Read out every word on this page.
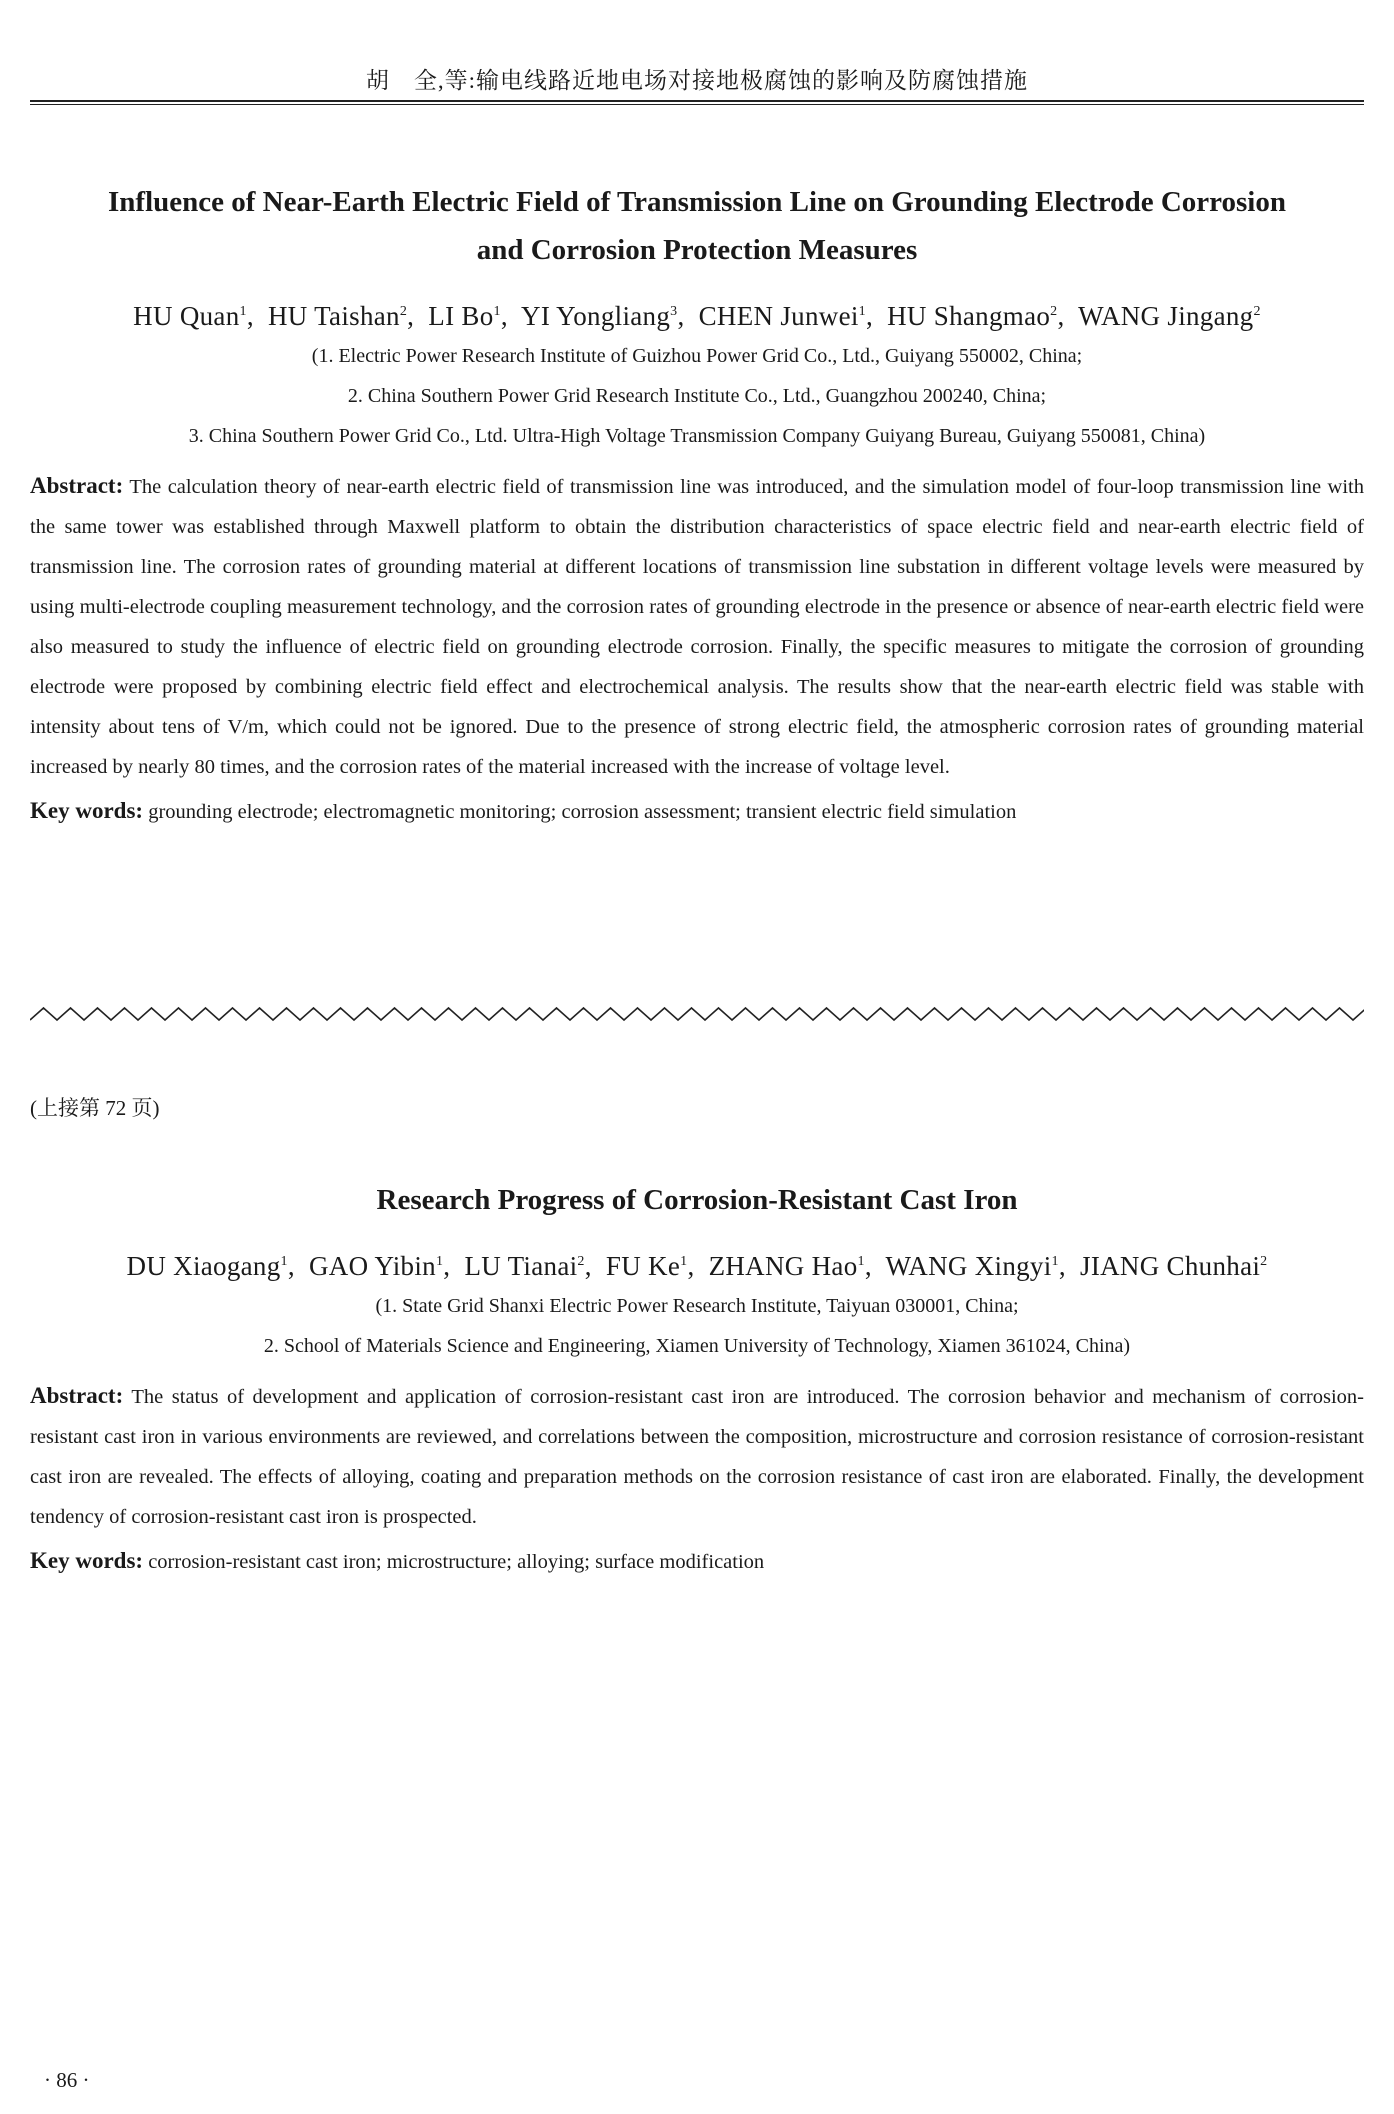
胡　全,等:输电线路近地电场对接地极腐蚀的影响及防腐蚀措施
Influence of Near-Earth Electric Field of Transmission Line on Grounding Electrode Corrosion
and Corrosion Protection Measures
HU Quan$^1$,  HU Taishan$^2$,  LI Bo$^1$,  YI Yongliang$^3$,  CHEN Junwei$^1$,  HU Shangmao$^2$,  WANG Jingang$^2$
(1. Electric Power Research Institute of Guizhou Power Grid Co., Ltd., Guiyang 550002, China;
2. China Southern Power Grid Research Institute Co., Ltd., Guangzhou 200240, China;
3. China Southern Power Grid Co., Ltd. Ultra-High Voltage Transmission Company Guiyang Bureau, Guiyang 550081, China)
Abstract: The calculation theory of near-earth electric field of transmission line was introduced, and the simulation model of four-loop transmission line with the same tower was established through Maxwell platform to obtain the distribution characteristics of space electric field and near-earth electric field of transmission line. The corrosion rates of grounding material at different locations of transmission line substation in different voltage levels were measured by using multi-electrode coupling measurement technology, and the corrosion rates of grounding electrode in the presence or absence of near-earth electric field were also measured to study the influence of electric field on grounding electrode corrosion. Finally, the specific measures to mitigate the corrosion of grounding electrode were proposed by combining electric field effect and electrochemical analysis. The results show that the near-earth electric field was stable with intensity about tens of V/m, which could not be ignored. Due to the presence of strong electric field, the atmospheric corrosion rates of grounding material increased by nearly 80 times, and the corrosion rates of the material increased with the increase of voltage level.
Key words: grounding electrode; electromagnetic monitoring; corrosion assessment; transient electric field simulation
(上接第 72 页)
Research Progress of Corrosion-Resistant Cast Iron
DU Xiaogang$^1$,  GAO Yibin$^1$,  LU Tianai$^2$,  FU Ke$^1$,  ZHANG Hao$^1$,  WANG Xingyi$^1$,  JIANG Chunhai$^2$
(1. State Grid Shanxi Electric Power Research Institute, Taiyuan 030001, China;
2. School of Materials Science and Engineering, Xiamen University of Technology, Xiamen 361024, China)
Abstract: The status of development and application of corrosion-resistant cast iron are introduced. The corrosion behavior and mechanism of corrosion-resistant cast iron in various environments are reviewed, and correlations between the composition, microstructure and corrosion resistance of corrosion-resistant cast iron are revealed. The effects of alloying, coating and preparation methods on the corrosion resistance of cast iron are elaborated. Finally, the development tendency of corrosion-resistant cast iron is prospected.
Key words: corrosion-resistant cast iron; microstructure; alloying; surface modification
· 86 ·
